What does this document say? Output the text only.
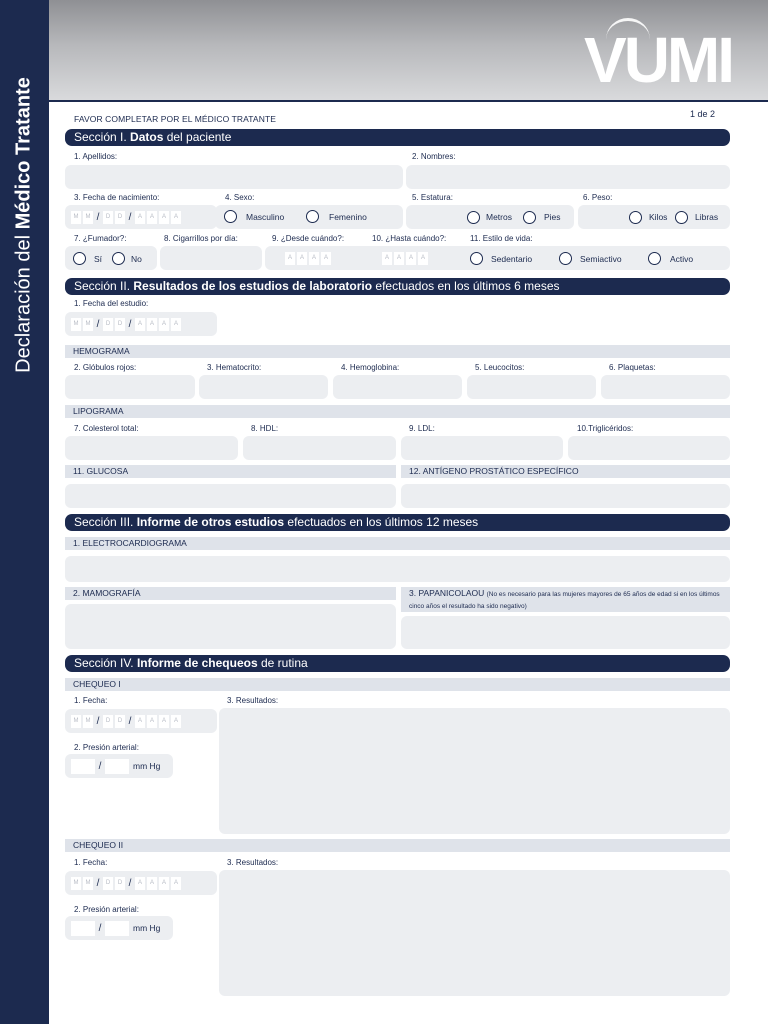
Declaración del Médico Tratante
VUMI
1 de 2
FAVOR COMPLETAR POR EL MÉDICO TRATANTE
Sección I. Datos del paciente
1. Apellidos:	2. Nombres:
3. Fecha de nacimiento:
M	M /	D	D /	A	A	A	A
4. Sexo:
Masculino	Femenino
5. Estatura:
Metros	Pies
6. Peso:
Kilos	Libras
7. ¿Fumador?:
Sí	No
8. Cigarrillos por día:	9. ¿Desde cuándo?:
A	A	A	A
10. ¿Hasta cuándo?:
A	A	A	A
11. Estilo de vida:
Sedentario	Semiactivo	Activo
Sección II. Resultados de los estudios de laboratorio efectuados en los últimos 6 meses
1. Fecha del estudio:
M	M /	D	D /	A	A	A	A
HEMOGRAMA
2. Glóbulos rojos:	3. Hematocrito:	4. Hemoglobina:	5. Leucocitos:	6. Plaquetas:
LIPOGRAMA
7. Colesterol total:	8. HDL:	9. LDL:	10.Triglicéridos:
11. GLUCOSA	12. ANTÍGENO PROSTÁTICO ESPECÍFICO
Sección III. Informe de otros estudios efectuados en los últimos 12 meses
1. ELECTROCARDIOGRAMA
2. MAMOGRAFÍA	3. PAPANICOLAOU (No es necesario para las mujeres mayores de 65 años de edad si en los últimos cinco años el resultado ha sido negativo)
Sección IV. Informe de chequeos de rutina
CHEQUEO I
1. Fecha:
M	M /	D	D /	A	A	A	A
2. Presión arterial:
/	mm Hg
3. Resultados:
CHEQUEO II
1. Fecha:
M	M /	D	D /	A	A	A	A
2. Presión arterial:
/	mm Hg
3. Resultados:
